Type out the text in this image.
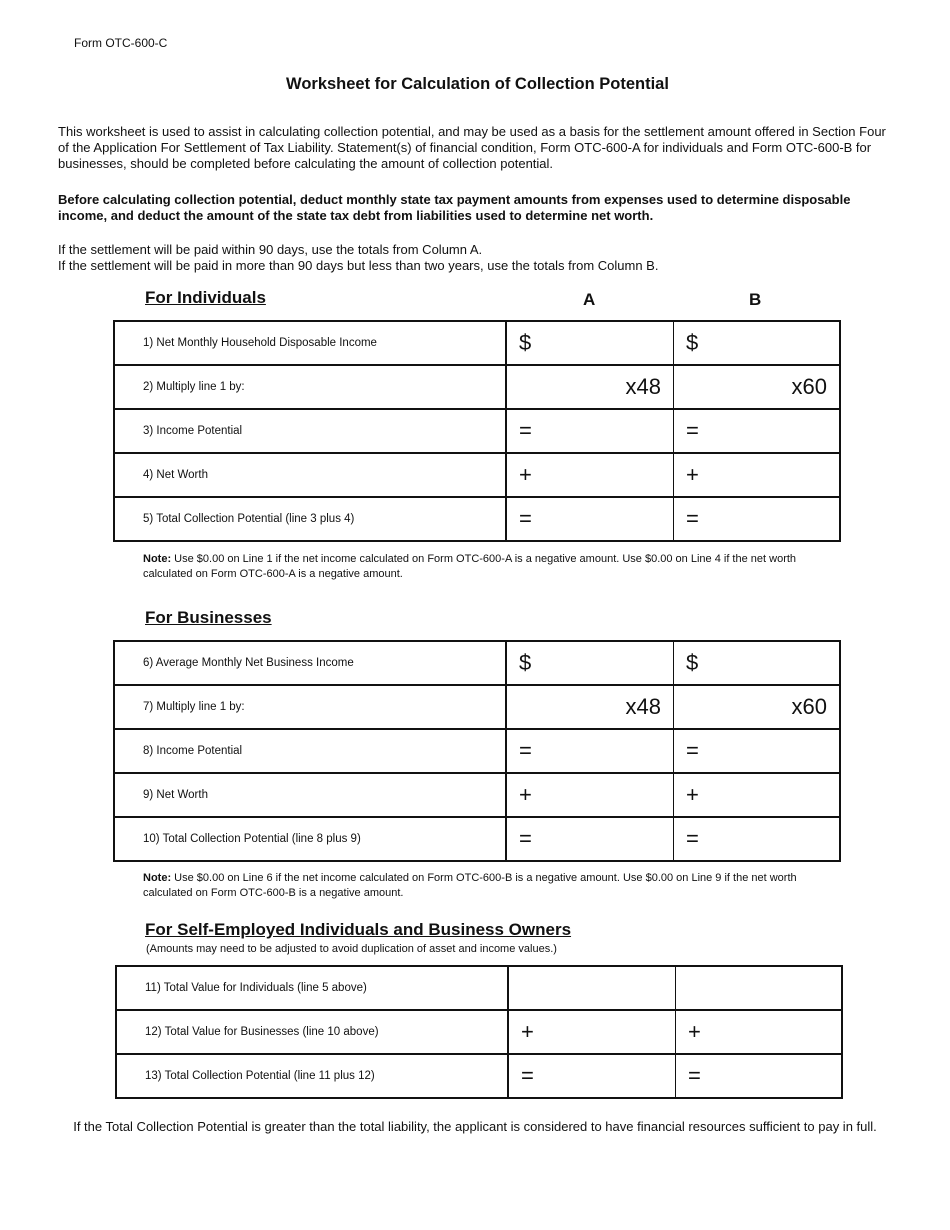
Form OTC-600-C
Worksheet for Calculation of Collection Potential
This worksheet is used to assist in calculating collection potential, and may be used as a basis for the settlement amount offered in Section Four of the Application For Settlement of Tax Liability. Statement(s) of financial condition, Form OTC-600-A for individuals and Form OTC-600-B for businesses, should be completed before calculating the amount of collection potential.
Before calculating collection potential, deduct monthly state tax payment amounts from expenses used to determine disposable income, and deduct the amount of the state tax debt from liabilities used to determine net worth.
If the settlement will be paid within 90 days, use the totals from Column A.
If the settlement will be paid in more than 90 days but less than two years, use the totals from Column B.
For Individuals	A	B
1) Net Monthly Household Disposable Income	$	$
2) Multiply line 1 by:	x48	x60
3) Income Potential	=	=
4) Net Worth	+	+
5) Total Collection Potential (line 3 plus 4)	=	=
Note: Use $0.00 on Line 1 if the net income calculated on Form OTC-600-A is a negative amount. Use $0.00 on Line 4 if the net worth calculated on Form OTC-600-A is a negative amount.
For Businesses
6) Average Monthly Net Business Income	$	$
7) Multiply line 1 by:	x48	x60
8) Income Potential	=	=
9) Net Worth	+	+
10) Total Collection Potential (line 8 plus 9)	=	=
Note: Use $0.00 on Line 6 if the net income calculated on Form OTC-600-B is a negative amount. Use $0.00 on Line 9 if the net worth calculated on Form OTC-600-B is a negative amount.
For Self-Employed Individuals and Business Owners
(Amounts may need to be adjusted to avoid duplication of asset and income values.)
11) Total Value for Individuals (line 5 above)
12) Total Value for Businesses (line 10 above)	+	+
13) Total Collection Potential (line 11 plus 12)	=	=
If the Total Collection Potential is greater than the total liability, the applicant is considered to have financial resources sufficient to pay in full.
